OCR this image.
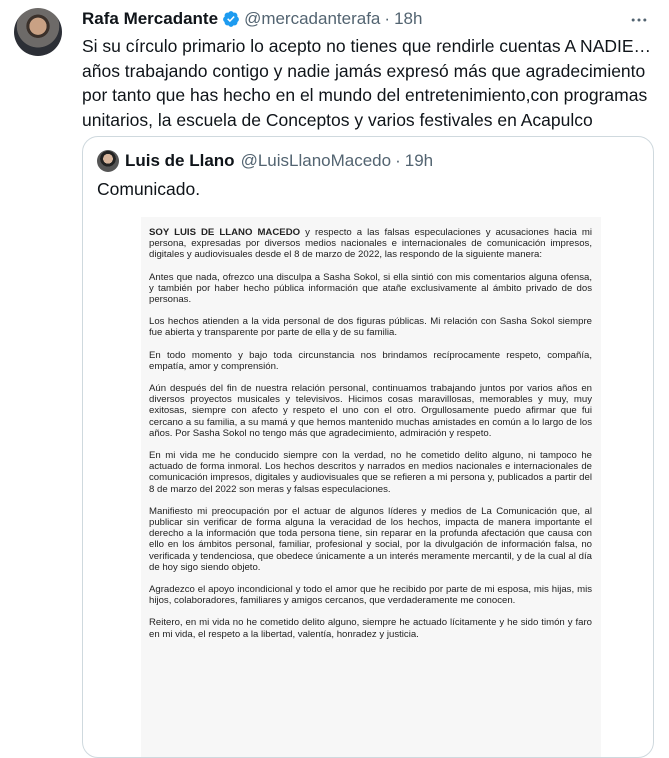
Rafa Mercadante @mercadanterafa · 18h
Si su círculo primario lo acepto no tienes que rendirle cuentas A NADIE… años trabajando contigo y nadie jamás expresó más que agradecimiento por tanto que has hecho en el mundo del entretenimiento,con programas unitarios, la escuela de Conceptos y varios festivales en Acapulco
Luis de Llano @LuisLlanoMacedo · 19h
Comunicado.

SOY LUIS DE LLANO MACEDO y respecto a las falsas especulaciones y acusaciones hacia mi persona, expresadas por diversos medios nacionales e internacionales de comunicación impresos, digitales y audiovisuales desde el 8 de marzo de 2022, las respondo de la siguiente manera:

Antes que nada, ofrezco una disculpa a Sasha Sokol, si ella sintió con mis comentarios alguna ofensa, y también por haber hecho pública información que atañe exclusivamente al ámbito privado de dos personas.

Los hechos atienden a la vida personal de dos figuras públicas. Mi relación con Sasha Sokol siempre fue abierta y transparente por parte de ella y de su familia.

En todo momento y bajo toda circunstancia nos brindamos recíprocamente respeto, compañía, empatía, amor y comprensión.

Aún después del fin de nuestra relación personal, continuamos trabajando juntos por varios años en diversos proyectos musicales y televisivos. Hicimos cosas maravillosas, memorables y muy, muy exitosas, siempre con afecto y respeto el uno con el otro. Orgullosamente puedo afirmar que fui cercano a su familia, a su mamá y que hemos mantenido muchas amistades en común a lo largo de los años. Por Sasha Sokol no tengo más que agradecimiento, admiración y respeto.

En mi vida me he conducido siempre con la verdad, no he cometido delito alguno, ni tampoco he actuado de forma inmoral. Los hechos descritos y narrados en medios nacionales e internacionales de comunicación impresos, digitales y audiovisuales que se refieren a mi persona y, publicados a partir del 8 de marzo del 2022 son meras y falsas especulaciones.

Manifiesto mi preocupación por el actuar de algunos líderes y medios de La Comunicación que, al publicar sin verificar de forma alguna la veracidad de los hechos, impacta de manera importante el derecho a la información que toda persona tiene, sin reparar en la profunda afectación que causa con ello en los ámbitos personal, familiar, profesional y social, por la divulgación de información falsa, no verificada y tendenciosa, que obedece únicamente a un interés meramente mercantil, y de la cual al día de hoy sigo siendo objeto.

Agradezco el apoyo incondicional y todo el amor que he recibido por parte de mi esposa, mis hijas, mis hijos, colaboradores, familiares y amigos cercanos, que verdaderamente me conocen.

Reitero, en mi vida no he cometido delito alguno, siempre he actuado lícitamente y he sido timón y faro en mi vida, el respeto a la libertad, valentía, honradez y justicia.
